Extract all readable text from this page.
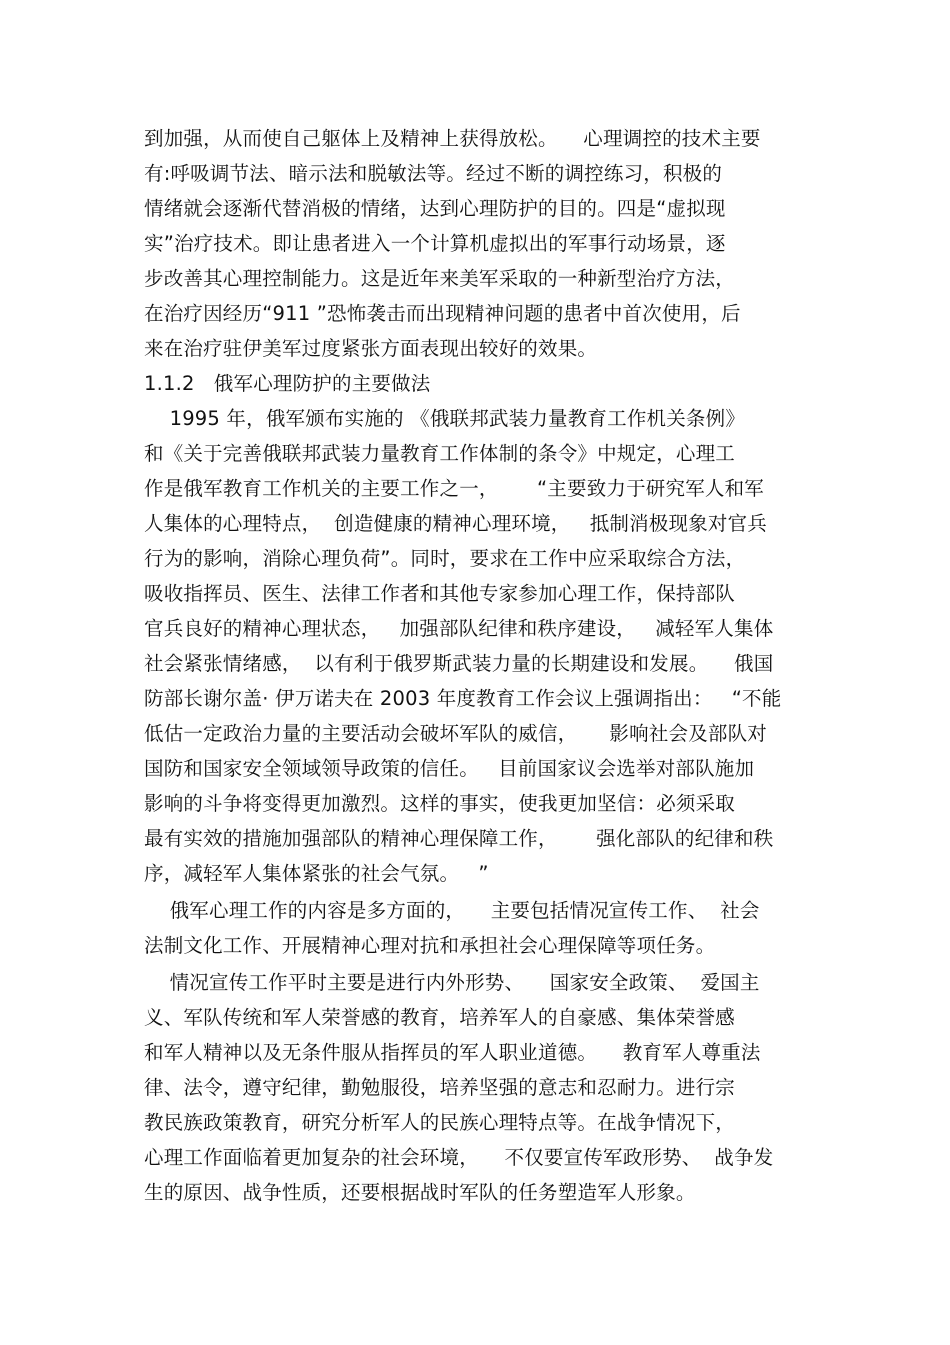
到加强，从而使自己躯体上及精神上获得放松。    心理调控的技术主要
有:呼吸调节法、暗示法和脱敏法等。经过不断的调控练习，积极的
情绪就会逐渐代替消极的情绪，达到心理防护的目的。四是“虚拟现
实”治疗技术。即让患者进入一个计算机虚拟出的军事行动场景，逐
步改善其心理控制能力。这是近年来美军采取的一种新型治疗方法，
在治疗因经历“911 ”恐怖袭击而出现精神问题的患者中首次使用，后
来在治疗驻伊美军过度紧张方面表现出较好的效果。
1.1.2   俄军心理防护的主要做法
1995 年，俄军颁布实施的 《俄联邦武装力量教育工作机关条例》
和《关于完善俄联邦武装力量教育工作体制的条令》中规定，心理工
作是俄军教育工作机关的主要工作之一，      “主要致力于研究军人和军
人集体的心理特点，  创造健康的精神心理环境，   抵制消极现象对官兵
行为的影响，消除心理负荷”。同时，要求在工作中应采取综合方法，
吸收指挥员、医生、法律工作者和其他专家参加心理工作，保持部队
官兵良好的精神心理状态，   加强部队纪律和秩序建设，   减轻军人集体
社会紧张情绪感，  以有利于俄罗斯武装力量的长期建设和发展。    俄国
防部长谢尔盖· 伊万诺夫在 2003 年度教育工作会议上强调指出：   “不能
低估一定政治力量的主要活动会破坏军队的威信，     影响社会及部队对
国防和国家安全领域领导政策的信任。   目前国家议会选举对部队施加
影响的斗争将变得更加激烈。这样的事实，使我更加坚信：必须采取
最有实效的措施加强部队的精神心理保障工作，      强化部队的纪律和秩
序，减轻军人集体紧张的社会气氛。   ”
俄军心理工作的内容是多方面的，    主要包括情况宣传工作、  社会
法制文化工作、开展精神心理对抗和承担社会心理保障等项任务。
情况宣传工作平时主要是进行内外形势、    国家安全政策、  爱国主
义、军队传统和军人荣誉感的教育，培养军人的自豪感、集体荣誉感
和军人精神以及无条件服从指挥员的军人职业道德。    教育军人尊重法
律、法令，遵守纪律，勤勉服役，培养坚强的意志和忍耐力。进行宗
教民族政策教育，研究分析军人的民族心理特点等。在战争情况下，
心理工作面临着更加复杂的社会环境，    不仅要宣传军政形势、  战争发
生的原因、战争性质，还要根据战时军队的任务塑造军人形象。
